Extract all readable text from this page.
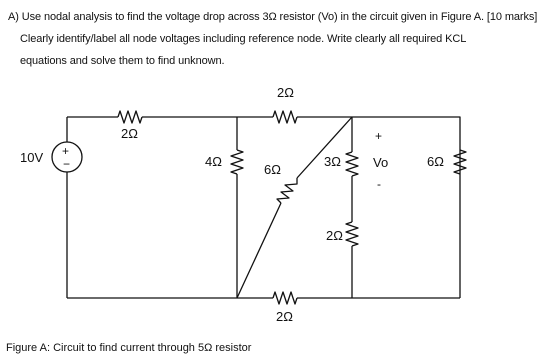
A) Use nodal analysis to find the voltage drop across 3Ω resistor (Vo) in the circuit given in Figure A. [10 marks]
Clearly identify/label all node voltages including reference node. Write clearly all required KCL
equations and solve them to find unknown.
+
−
10V
2Ω
2Ω
4Ω
6Ω
3Ω
2Ω
6Ω
2Ω
+
Vo
-
Figure A: Circuit to find current through 5Ω resistor
